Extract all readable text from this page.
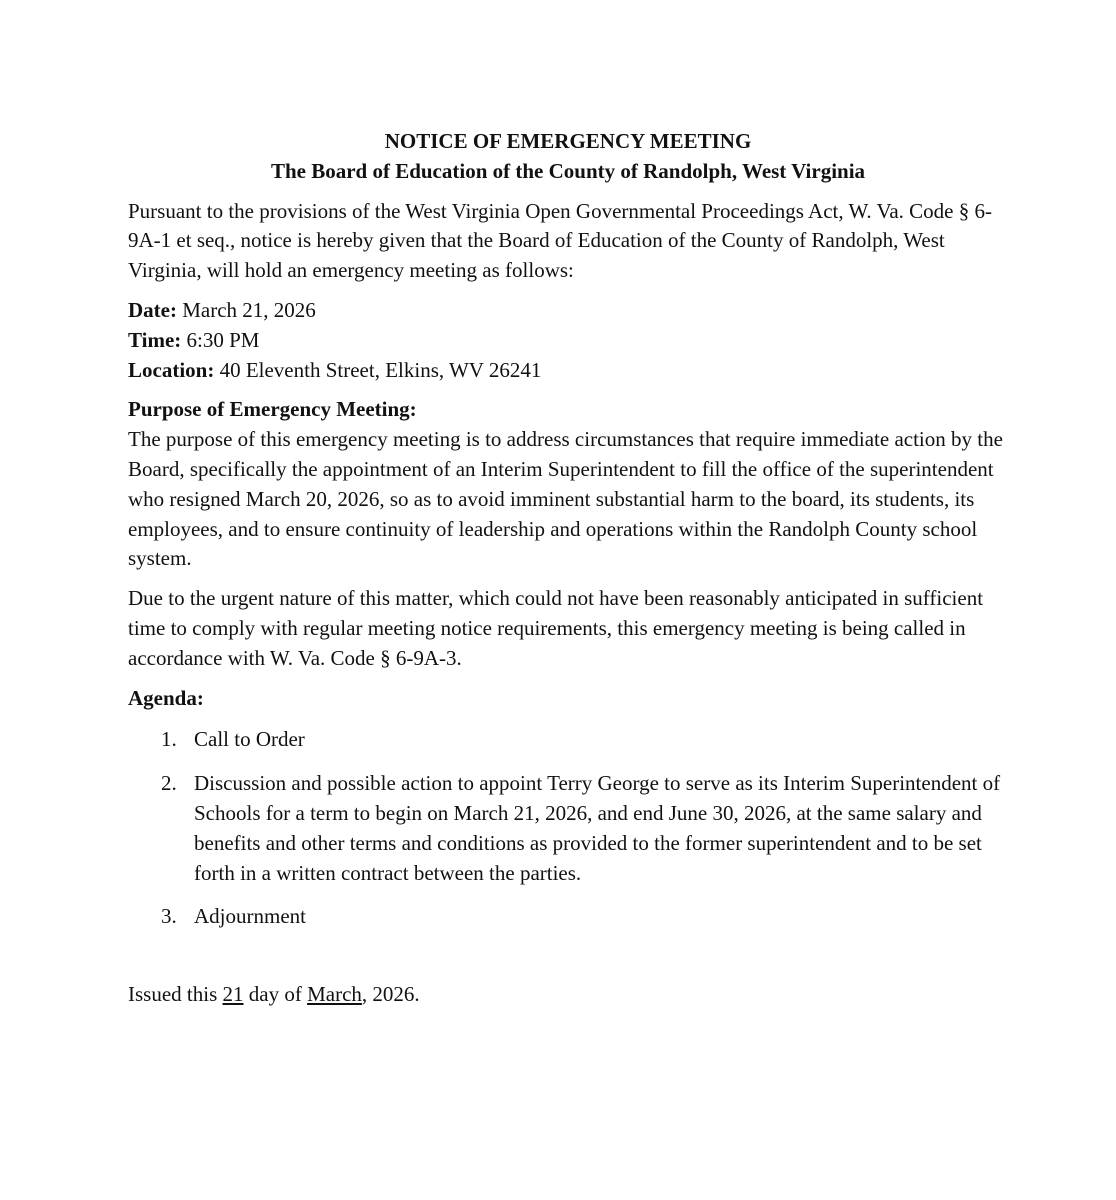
NOTICE OF EMERGENCY MEETING
The Board of Education of the County of Randolph, West Virginia

Pursuant to the provisions of the West Virginia Open Governmental Proceedings Act, W. Va. Code § 6-9A-1 et seq., notice is hereby given that the Board of Education of the County of Randolph, West Virginia, will hold an emergency meeting as follows:

Date: March 21, 2026
Time: 6:30 PM
Location: 40 Eleventh Street, Elkins, WV 26241
Purpose of Emergency Meeting:

The purpose of this emergency meeting is to address circumstances that require immediate action by the Board, specifically the appointment of an Interim Superintendent to fill the office of the superintendent who resigned March 20, 2026, so as to avoid imminent substantial harm to the board, its students, its employees, and to ensure continuity of leadership and operations within the Randolph County school system.

Due to the urgent nature of this matter, which could not have been reasonably anticipated in sufficient time to comply with regular meeting notice requirements, this emergency meeting is being called in accordance with W. Va. Code § 6-9A-3.

Agenda:
1. Call to Order
2. Discussion and possible action to appoint Terry George to serve as its Interim Superintendent of Schools for a term to begin on March 21, 2026, and end June 30, 2026, at the same salary and benefits and other terms and conditions as provided to the former superintendent and to be set forth in a written contract between the parties.
3. Adjournment
Issued this 21 day of March, 2026.
